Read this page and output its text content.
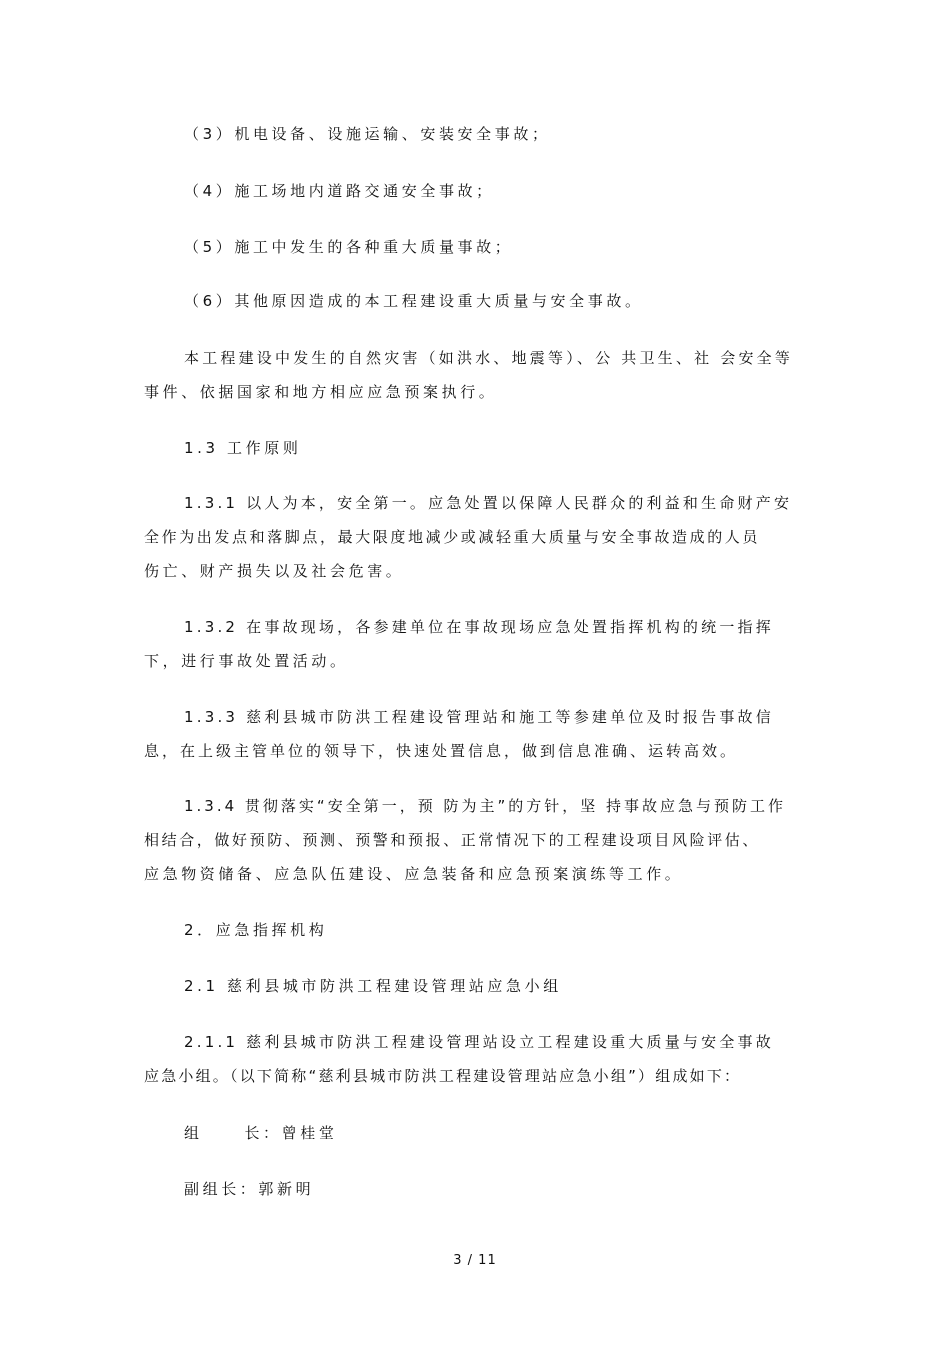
（3）机电设备、设施运输、安装安全事故；
（4）施工场地内道路交通安全事故；
（5）施工中发生的各种重大质量事故；
（6）其他原因造成的本工程建设重大质量与安全事故。
本工程建设中发生的自然灾害（如洪水、地震等）、公 共卫生、社 会安全等
事件、依据国家和地方相应应急预案执行。
1.3 工作原则
1.3.1 以人为本，安全第一。应急处置以保障人民群众的利益和生命财产安
全作为出发点和落脚点，最大限度地减少或减轻重大质量与安全事故造成的人员
伤亡、财产损失以及社会危害。
1.3.2 在事故现场，各参建单位在事故现场应急处置指挥机构的统一指挥
下，进行事故处置活动。
1.3.3 慈利县城市防洪工程建设管理站和施工等参建单位及时报告事故信
息，在上级主管单位的领导下，快速处置信息，做到信息准确、运转高效。
1.3.4 贯彻落实“安全第一，预 防为主”的方针，坚 持事故应急与预防工作
相结合，做好预防、预测、预警和预报、正常情况下的工程建设项目风险评估、
应急物资储备、应急队伍建设、应急装备和应急预案演练等工作。
2．应急指挥机构
2.1 慈利县城市防洪工程建设管理站应急小组
2.1.1 慈利县城市防洪工程建设管理站设立工程建设重大质量与安全事故
应急小组。（以下简称“慈利县城市防洪工程建设管理站应急小组”）组成如下：
组     长：曾桂堂
副组长：郭新明
3 / 11
